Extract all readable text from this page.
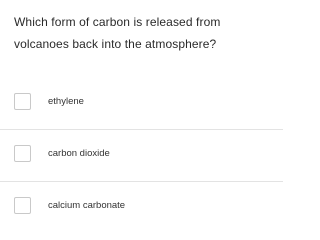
Which form of carbon is released from volcanoes back into the atmosphere?
ethylene
carbon dioxide
calcium carbonate
